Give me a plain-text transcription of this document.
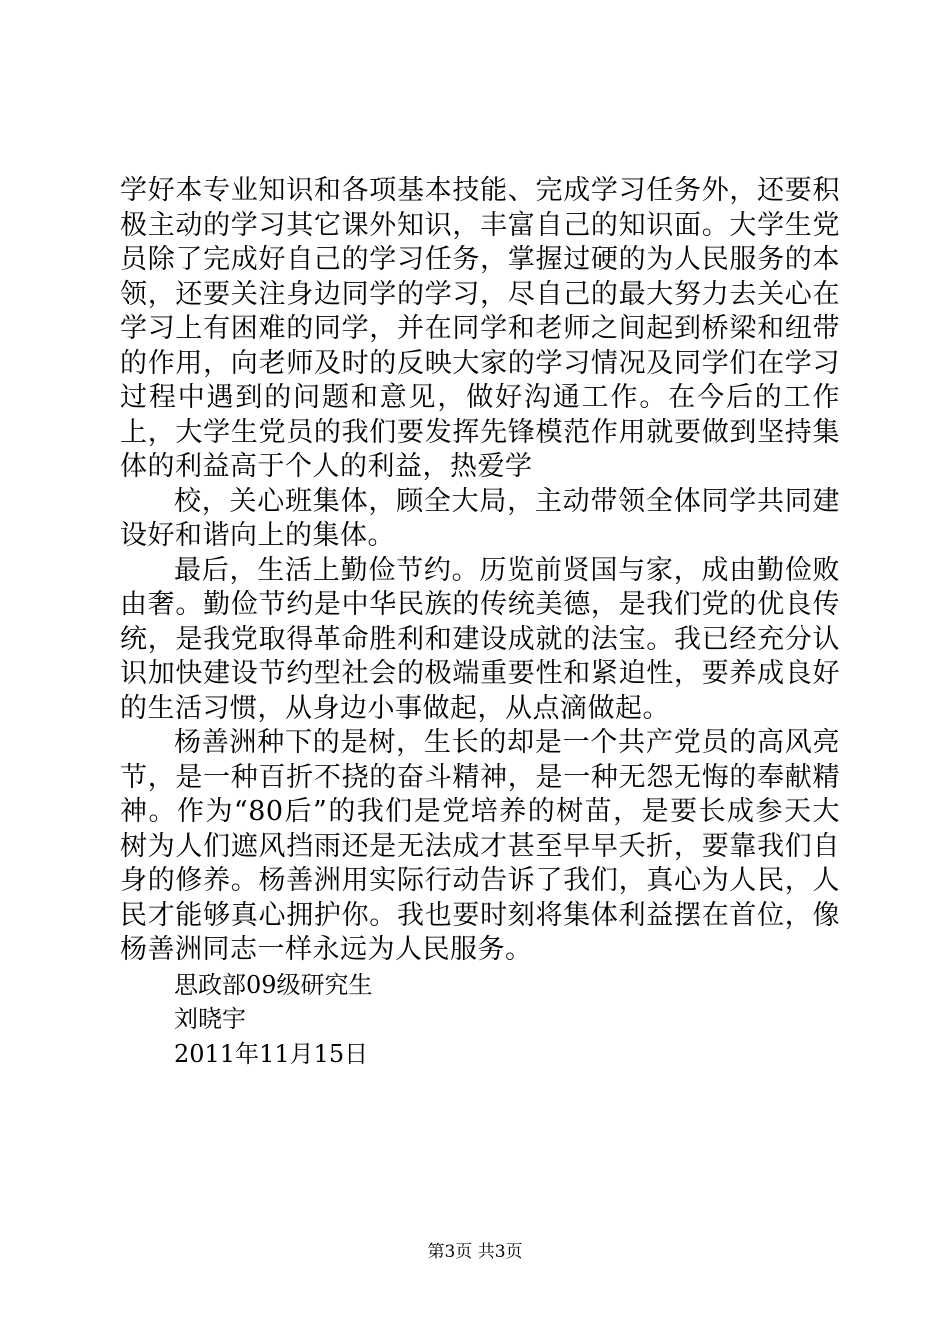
学好本专业知识和各项基本技能、完成学习任务外，还要积极主动的学习其它课外知识，丰富自己的知识面。大学生党员除了完成好自己的学习任务，掌握过硬的为人民服务的本领，还要关注身边同学的学习，尽自己的最大努力去关心在学习上有困难的同学，并在同学和老师之间起到桥梁和纽带的作用，向老师及时的反映大家的学习情况及同学们在学习过程中遇到的问题和意见，做好沟通工作。在今后的工作上，大学生党员的我们要发挥先锋模范作用就要做到坚持集体的利益高于个人的利益，热爱学

校，关心班集体，顾全大局，主动带领全体同学共同建设好和谐向上的集体。

最后，生活上勤俭节约。历览前贤国与家，成由勤俭败由奢。勤俭节约是中华民族的传统美德，是我们党的优良传统，是我党取得革命胜利和建设成就的法宝。我已经充分认识加快建设节约型社会的极端重要性和紧迫性，要养成良好的生活习惯，从身边小事做起，从点滴做起。

杨善洲种下的是树，生长的却是一个共产党员的高风亮节，是一种百折不挠的奋斗精神，是一种无怨无悔的奉献精神。作为“80后”的我们是党培养的树苗，是要长成参天大树为人们遮风挡雨还是无法成才甚至早早夭折，要靠我们自身的修养。杨善洲用实际行动告诉了我们，真心为人民，人民才能够真心拥护你。我也要时刻将集体利益摆在首位，像杨善洲同志一样永远为人民服务。

思政部09级研究生

刘晓宇

2011年11月15日

第3页 共3页
